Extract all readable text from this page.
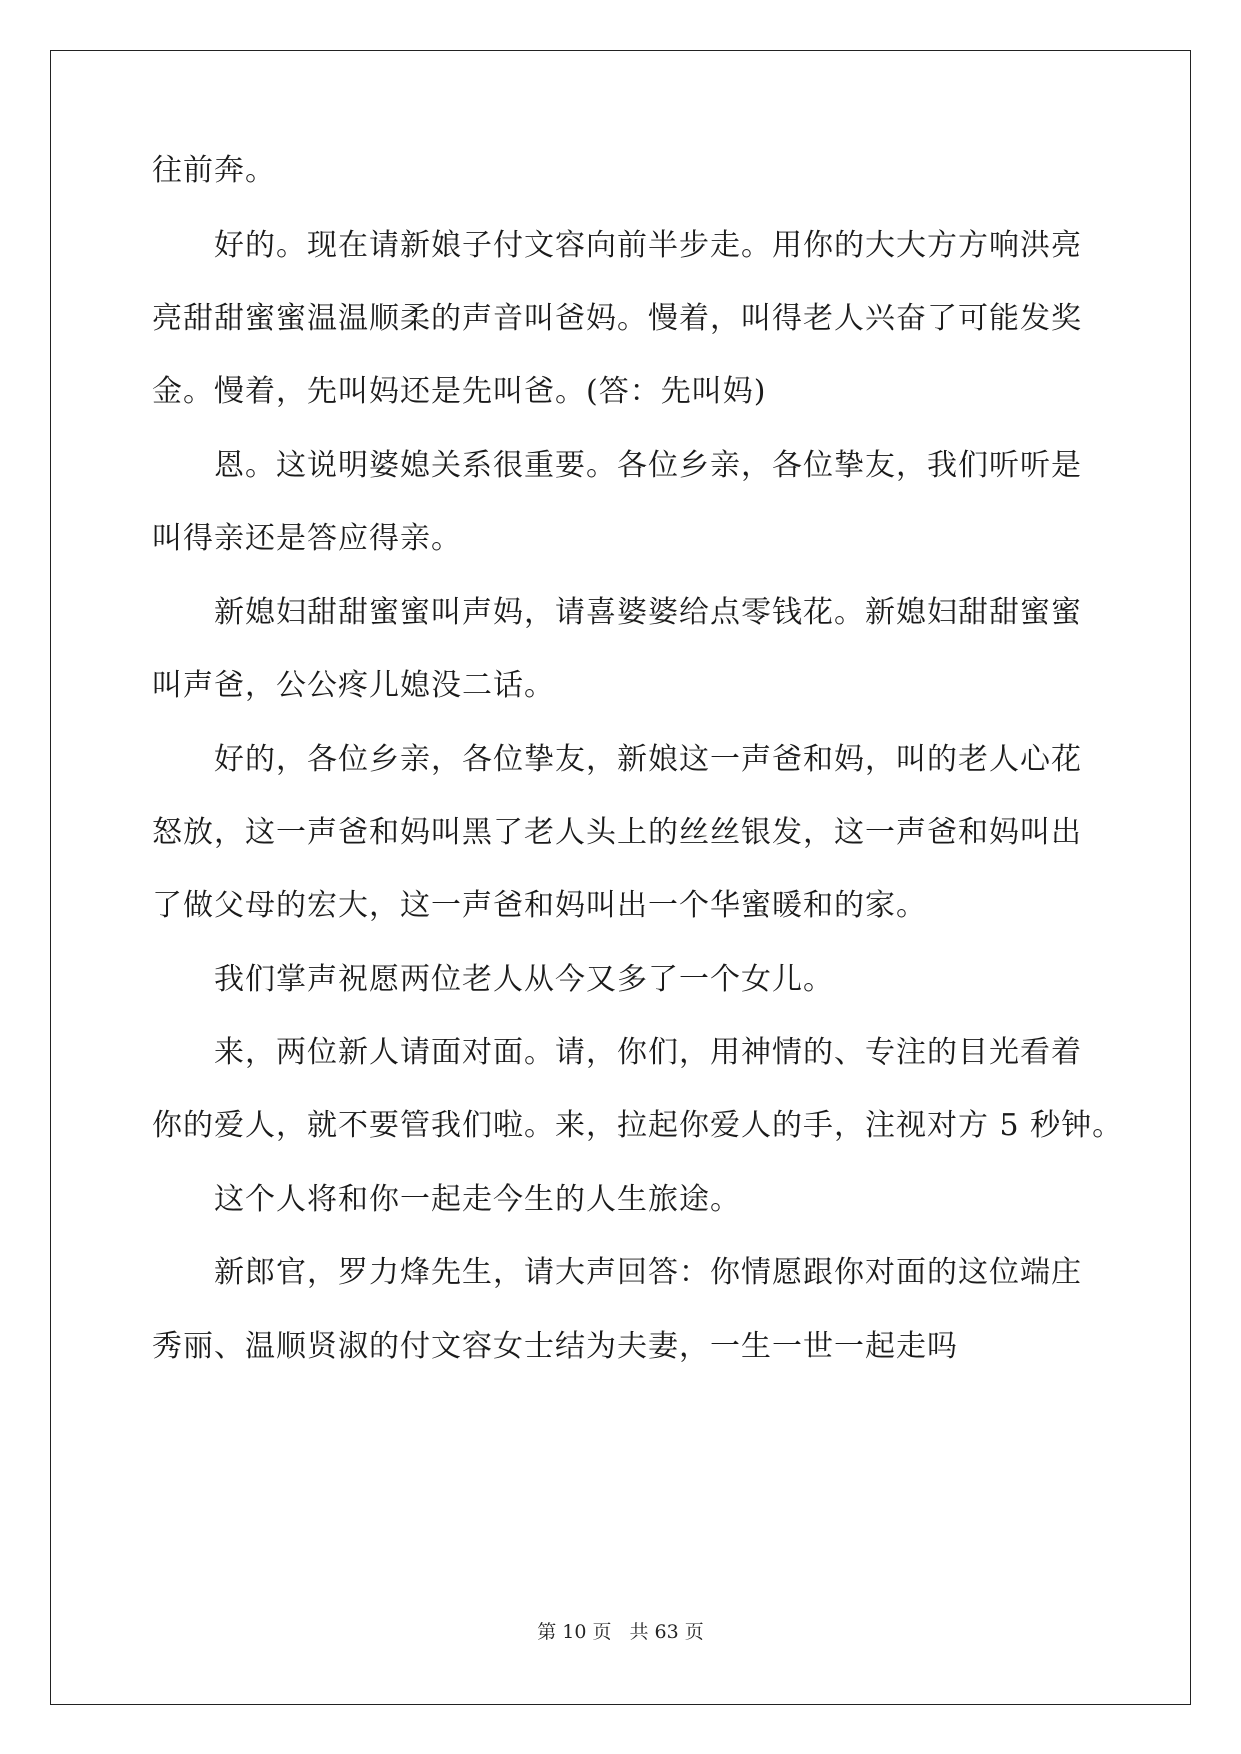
往前奔。
好的。现在请新娘子付文容向前半步走。用你的大大方方响洪亮
亮甜甜蜜蜜温温顺柔的声音叫爸妈。慢着，叫得老人兴奋了可能发奖
金。慢着，先叫妈还是先叫爸。(答：先叫妈)
恩。这说明婆媳关系很重要。各位乡亲，各位挚友，我们听听是
叫得亲还是答应得亲。
新媳妇甜甜蜜蜜叫声妈，请喜婆婆给点零钱花。新媳妇甜甜蜜蜜
叫声爸，公公疼儿媳没二话。
好的，各位乡亲，各位挚友，新娘这一声爸和妈，叫的老人心花
怒放，这一声爸和妈叫黑了老人头上的丝丝银发，这一声爸和妈叫出
了做父母的宏大，这一声爸和妈叫出一个华蜜暖和的家。
我们掌声祝愿两位老人从今又多了一个女儿。
来，两位新人请面对面。请，你们，用神情的、专注的目光看着
你的爱人，就不要管我们啦。来，拉起你爱人的手，注视对方 5 秒钟。
这个人将和你一起走今生的人生旅途。
新郎官，罗力烽先生，请大声回答：你情愿跟你对面的这位端庄
秀丽、温顺贤淑的付文容女士结为夫妻，一生一世一起走吗
第 10 页 共 63 页
